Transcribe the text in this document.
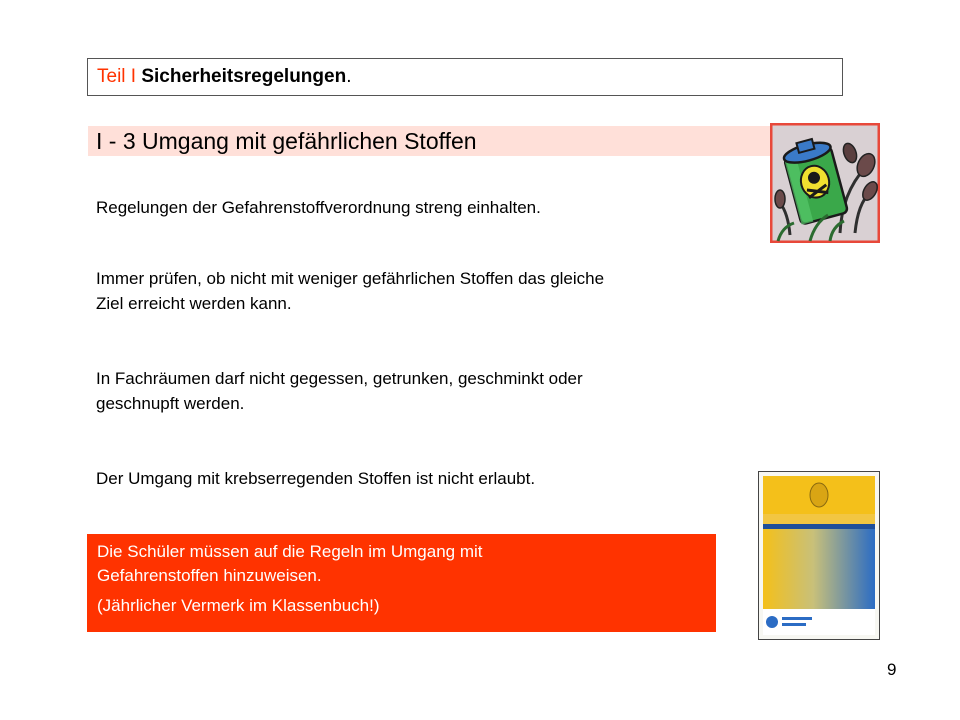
Teil I Sicherheitsregelungen.
I - 3 Umgang mit gefährlichen Stoffen
Regelungen der Gefahrenstoffverordnung streng einhalten.
Immer prüfen, ob nicht mit weniger gefährlichen Stoffen das gleiche
Ziel erreicht werden kann.
In Fachräumen darf nicht gegessen, getrunken, geschminkt oder
geschnupft werden.
Der Umgang mit krebserregenden Stoffen ist nicht erlaubt.
Die Schüler müssen auf die Regeln im Umgang mit
Gefahrenstoffen hinzuweisen.
(Jährlicher Vermerk im Klassenbuch!)
9
